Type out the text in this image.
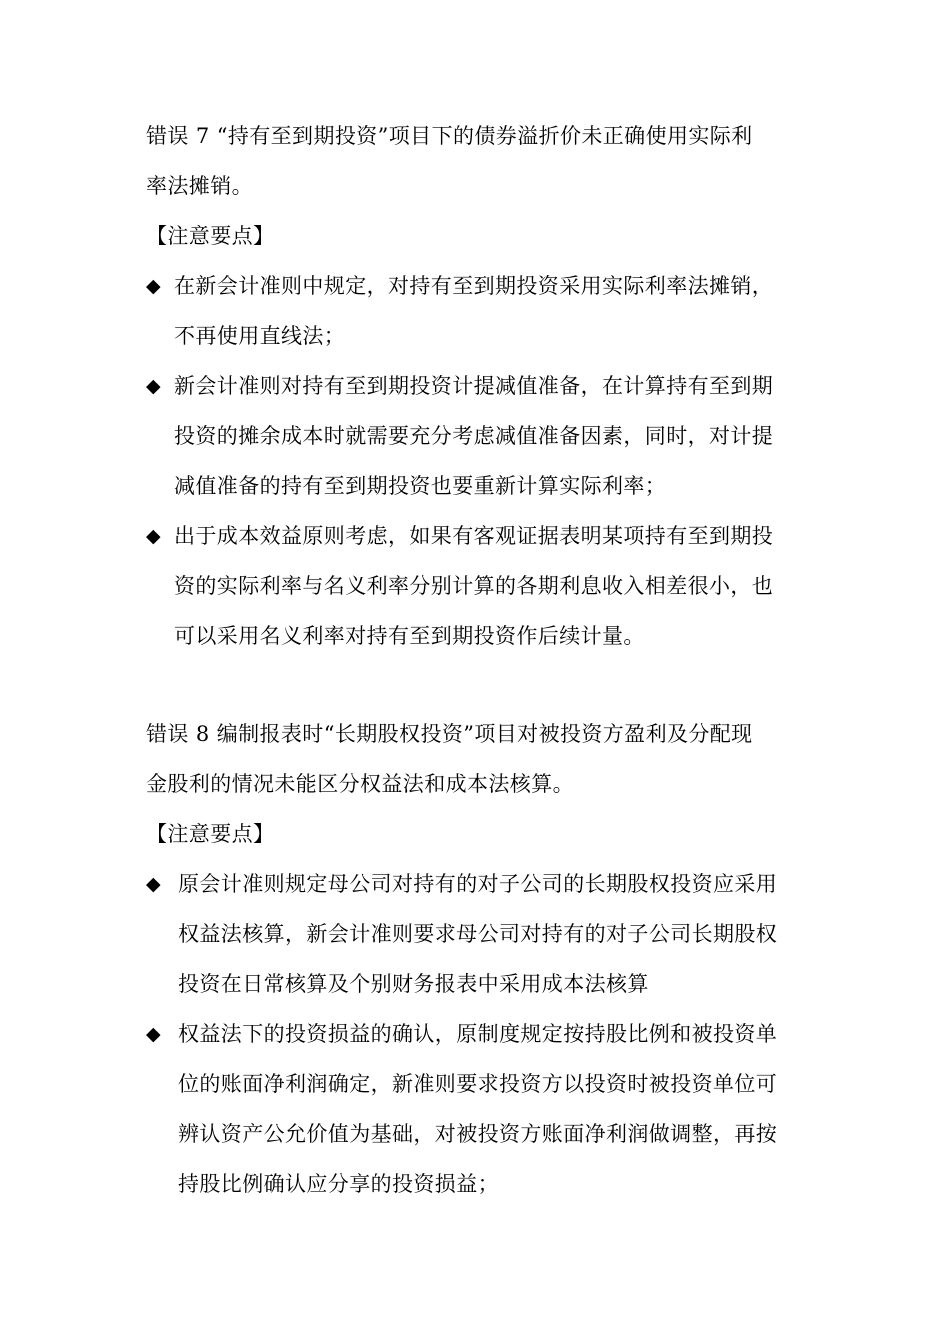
错误 7 “持有至到期投资”项目下的债券溢折价未正确使用实际利
率法摊销。
【注意要点】
◆ 在新会计准则中规定，对持有至到期投资采用实际利率法摊销，
不再使用直线法；
◆ 新会计准则对持有至到期投资计提减值准备，在计算持有至到期
投资的摊余成本时就需要充分考虑减值准备因素，同时，对计提
减值准备的持有至到期投资也要重新计算实际利率；
◆ 出于成本效益原则考虑，如果有客观证据表明某项持有至到期投
资的实际利率与名义利率分别计算的各期利息收入相差很小，也
可以采用名义利率对持有至到期投资作后续计量。
错误 8 编制报表时“长期股权投资”项目对被投资方盈利及分配现
金股利的情况未能区分权益法和成本法核算。
【注意要点】
◆ 原会计准则规定母公司对持有的对子公司的长期股权投资应采用
权益法核算，新会计准则要求母公司对持有的对子公司长期股权
投资在日常核算及个别财务报表中采用成本法核算
◆ 权益法下的投资损益的确认，原制度规定按持股比例和被投资单
位的账面净利润确定，新准则要求投资方以投资时被投资单位可
辨认资产公允价值为基础，对被投资方账面净利润做调整，再按
持股比例确认应分享的投资损益；
